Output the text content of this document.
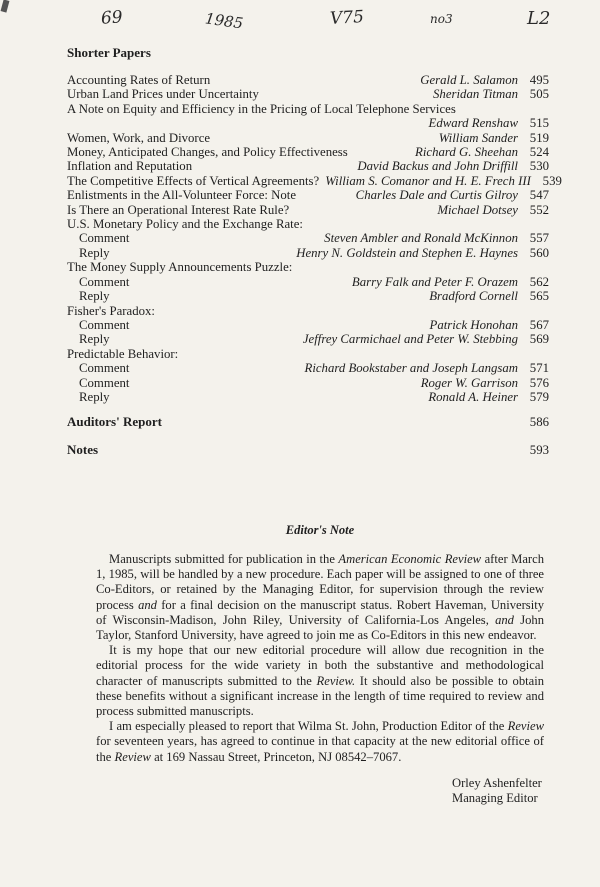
69	1985	V75	no3	L2
Shorter Papers
Accounting Rates of Return	Gerald L. Salamon 495
Urban Land Prices under Uncertainty	Sheridan Titman 505
A Note on Equity and Efficiency in the Pricing of Local Telephone Services
Edward Renshaw 515
Women, Work, and Divorce	William Sander 519
Money, Anticipated Changes, and Policy Effectiveness	Richard G. Sheehan 524
Inflation and Reputation	David Backus and John Driffill 530
The Competitive Effects of Vertical Agreements? William S. Comanor and H. E. Frech III 539
Enlistments in the All-Volunteer Force: Note	Charles Dale and Curtis Gilroy 547
Is There an Operational Interest Rate Rule?	Michael Dotsey 552
U.S. Monetary Policy and the Exchange Rate:
Comment	Steven Ambler and Ronald McKinnon 557
Reply	Henry N. Goldstein and Stephen E. Haynes 560
The Money Supply Announcements Puzzle:
Comment	Barry Falk and Peter F. Orazem 562
Reply	Bradford Cornell 565
Fisher's Paradox:
Comment	Patrick Honohan 567
Reply	Jeffrey Carmichael and Peter W. Stebbing 569
Predictable Behavior:
Comment	Richard Bookstaber and Joseph Langsam 571
Comment	Roger W. Garrison 576
Reply	Ronald A. Heiner 579
Auditors' Report	586
Notes	593
Editor's Note

Manuscripts submitted for publication in the American Economic Review after March 1, 1985, will be handled by a new procedure. Each paper will be assigned to one of three Co-Editors, or retained by the Managing Editor, for supervision through the review process and for a final decision on the manuscript status. Robert Haveman, University of Wisconsin-Madison, John Riley, University of California-Los Angeles, and John Taylor, Stanford University, have agreed to join me as Co-Editors in this new endeavor.

It is my hope that our new editorial procedure will allow due recognition in the editorial process for the wide variety in both the substantive and methodological character of manuscripts submitted to the Review. It should also be possible to obtain these benefits without a significant increase in the length of time required to review and process submitted manuscripts.

I am especially pleased to report that Wilma St. John, Production Editor of the Review for seventeen years, has agreed to continue in that capacity at the new editorial office of the Review at 169 Nassau Street, Princeton, NJ 08542–7067.

Orley Ashenfelter
Managing Editor
